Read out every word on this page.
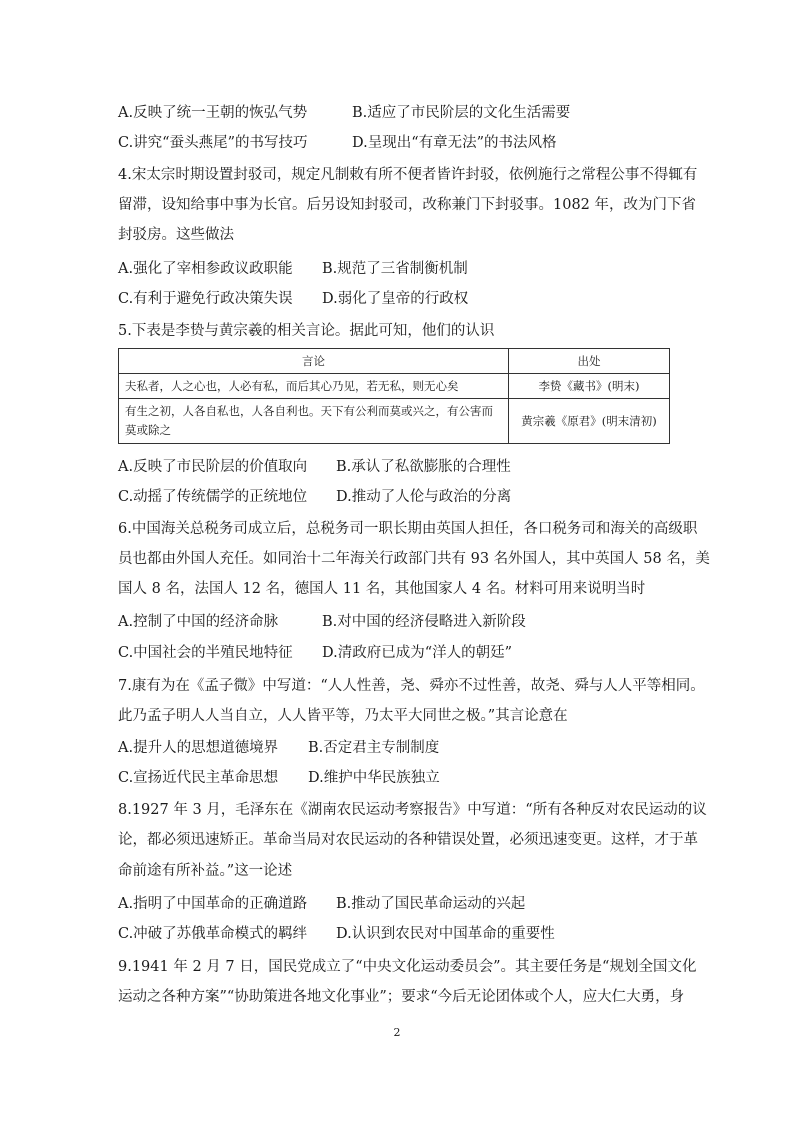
A.反映了统一王朝的恢弘气势	B.适应了市民阶层的文化生活需要
C.讲究“蚕头燕尾”的书写技巧	D.呈现出“有章无法”的书法风格
4.宋太宗时期设置封驳司，规定凡制敕有所不便者皆许封驳，依例施行之常程公事不得辄有
留滞，设知给事中事为长官。后另设知封驳司，改称兼门下封驳事。1082 年，改为门下省
封驳房。这些做法
A.强化了宰相参政议政职能 B.规范了三省制衡机制
C.有利于避免行政决策失误 D.弱化了皇帝的行政权
5.下表是李贽与黄宗羲的相关言论。据此可知，他们的认识
言论	出处
夫私者，人之心也，人必有私，而后其心乃见，若无私，则无心矣	李贽《藏书》(明末)

有生之初，人各自私也，人各自利也。天下有公利而莫或兴之，有公害而
莫或除之	黄宗羲《原君》(明末清初)
A.反映了市民阶层的价值取向 B.承认了私欲膨胀的合理性
C.动摇了传统儒学的正统地位 D.推动了人伦与政治的分离
6.中国海关总税务司成立后，总税务司一职长期由英国人担任，各口税务司和海关的高级职
员也都由外国人充任。如同治十二年海关行政部门共有 93 名外国人，其中英国人 58 名，美
国人 8 名，法国人 12 名，德国人 11 名，其他国家人 4 名。材料可用来说明当时
A.控制了中国的经济命脉	B.对中国的经济侵略进入新阶段
C.中国社会的半殖民地特征 D.清政府已成为“洋人的朝廷”
7.康有为在《孟子微》中写道：“人人性善，尧、舜亦不过性善，故尧、舜与人人平等相同。
此乃孟子明人人当自立，人人皆平等，乃太平大同世之极。”其言论意在
A.提升人的思想道德境界 B.否定君主专制制度
C.宣扬近代民主革命思想 D.维护中华民族独立
8.1927 年 3 月，毛泽东在《湖南农民运动考察报告》中写道：“所有各种反对农民运动的议
论，都必须迅速矫正。革命当局对农民运动的各种错误处置，必须迅速变更。这样，才于革
命前途有所补益。”这一论述
A.指明了中国革命的正确道路 B.推动了国民革命运动的兴起
C.冲破了苏俄革命模式的羁绊 D.认识到农民对中国革命的重要性
9.1941 年 2 月 7 日，国民党成立了“中央文化运动委员会”。其主要任务是“规划全国文化
运动之各种方案”“协助策进各地文化事业”；要求“今后无论团体或个人，应大仁大勇，身
2
